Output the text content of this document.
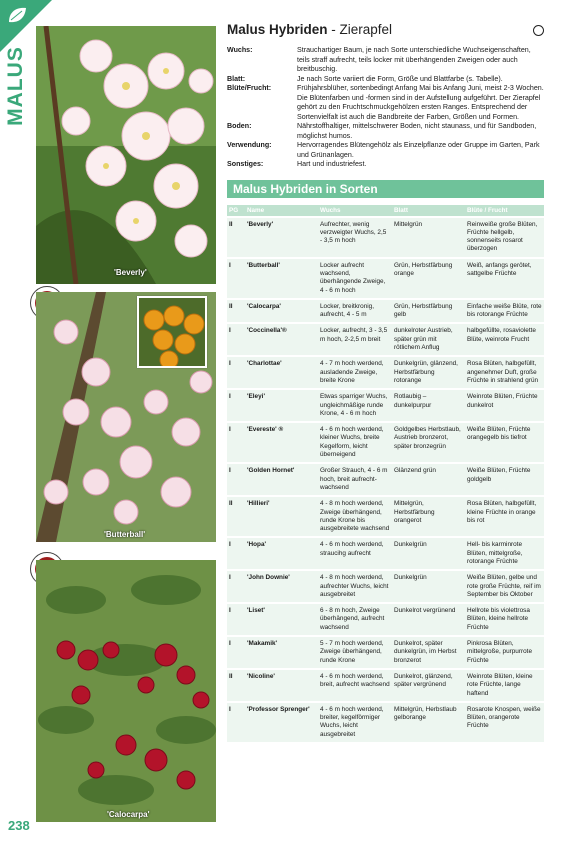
MALUS
'Beverly'
'Butterball'
'Calocarpa'
238
Malus Hybriden - Zierapfel
Wuchs:	Strauchartiger Baum, je nach Sorte unterschiedliche Wuchseigenschaften, teils straff aufrecht, teils locker mit überhängenden Zweigen oder auch breitbuschig.
Blatt:	Je nach Sorte variiert die Form, Größe und Blattfarbe (s. Tabelle).
Blüte/Frucht:	Frühjahrsblüher, sortenbedingt Anfang Mai bis Anfang Juni, meist 2-3 Wochen. Die Blütenfarben und -formen sind in der Aufstellung aufgeführt. Der Zierapfel gehört zu den Fruchtschmuckgehölzen ersten Ranges. Entsprechend der Sortenvielfalt ist auch die Bandbreite der Farben, Größen und Formen.
Boden:	Nährstoffhaltiger, mittelschwerer Boden, nicht staunass, und für Sandboden, möglichst humos.
Verwendung:	Hervorragendes Blütengehölz als Einzelpflanze oder Gruppe im Garten, Park und Grünanlagen.
Sonstiges:	Hart und industriefest.
Malus Hybriden in Sorten
PG	Name	Wuchs	Blatt	Blüte / Frucht
II	'Beverly'	Aufrechter, wenig verzweigter Wuchs, 2,5 - 3,5 m hoch	Mittelgrün	Reinweiße große Blüten, Früchte hellgelb, sonnenseits rosarot überzogen
I	'Butterball'	Locker aufrecht wachsend, überhängende Zweige, 4 - 6 m hoch	Grün, Herbstfärbung orange	Weiß, anfangs gerötet, sattgelbe Früchte
II	'Calocarpa'	Locker, breitkronig, aufrecht, 4 - 5 m	Grün, Herbstfärbung gelb	Einfache weiße Blüte, rote bis rotorange Früchte
I	'Coccinella'®	Locker, aufrecht, 3 - 3,5 m hoch, 2-2,5 m breit	dunkelroter Austrieb, später grün mit rötlichem Anflug	halbgefüllte, rosaviolette Blüte, weinrote Frucht
I	'Charlottae'	4 - 7 m hoch werdend, ausladende Zweige, breite Krone	Dunkelgrün, glänzend, Herbstfärbung rotorange	Rosa Blüten, halbgefüllt, angenehmer Duft, große Früchte in strahlend grün
I	'Eleyi'	Etwas sparriger Wuchs, ungleichmäßige runde Krone, 4 - 6 m hoch	Rotlaubig – dunkelpurpur	Weinrote Blüten, Früchte dunkelrot
I	'Evereste' ®	4 - 6 m hoch werdend, kleiner Wuchs, breite Kegelform, leicht überneigend	Goldgelbes Herbstlaub, Austrieb bronzerot, später bronzegrün	Weiße Blüten, Früchte orangegelb bis tiefrot
I	'Golden Hornet'	Großer Strauch, 4 - 6 m hoch, breit aufrecht-wachsend	Glänzend grün	Weiße Blüten, Früchte goldgelb
II	'Hillieri'	4 - 8 m hoch werdend, Zweige überhängend, runde Krone bis ausgebreitete wachsend	Mittelgrün, Herbstfärbung orangerot	Rosa Blüten, halbgefüllt, kleine Früchte in orange bis rot
I	'Hopa'	4 - 6 m hoch werdend, straucihg aufrecht	Dunkelgrün	Hell- bis karminrote Blüten, mittelgroße, rotorange Früchte
I	'John Downie'	4 - 8 m hoch werdend, aufrechter Wuchs, leicht ausgebreitet	Dunkelgrün	Weiße Blüten, gelbe und rote große Früchte, reif im September bis Oktober
I	'Liset'	6 - 8 m hoch, Zweige überhängend, aufrecht wachsend	Dunkelrot vergrünend	Hellrote bis violettrosa Blüten, kleine hellrote Früchte
I	'Makamik'	5 - 7 m hoch werdend, Zweige überhängend, runde Krone	Dunkelrot, später dunkelgrün, im Herbst bronzerot	Pinkrosa Blüten, mittelgroße, purpurrote Früchte
II	'Nicoline'	4 - 6 m hoch werdend, breit, aufrecht wachsend	Dunkelrot, glänzend, später vergrünend	Weinrote Blüten, kleine rote Früchte, lange haftend
I	'Professor Sprenger'	4 - 6 m hoch werdend, breiter, kegelförmiger Wuchs, leicht ausgebreitet	Mittelgrün, Herbstlaub gelborange	Rosarote Knospen, weiße Blüten, orangerote Früchte
